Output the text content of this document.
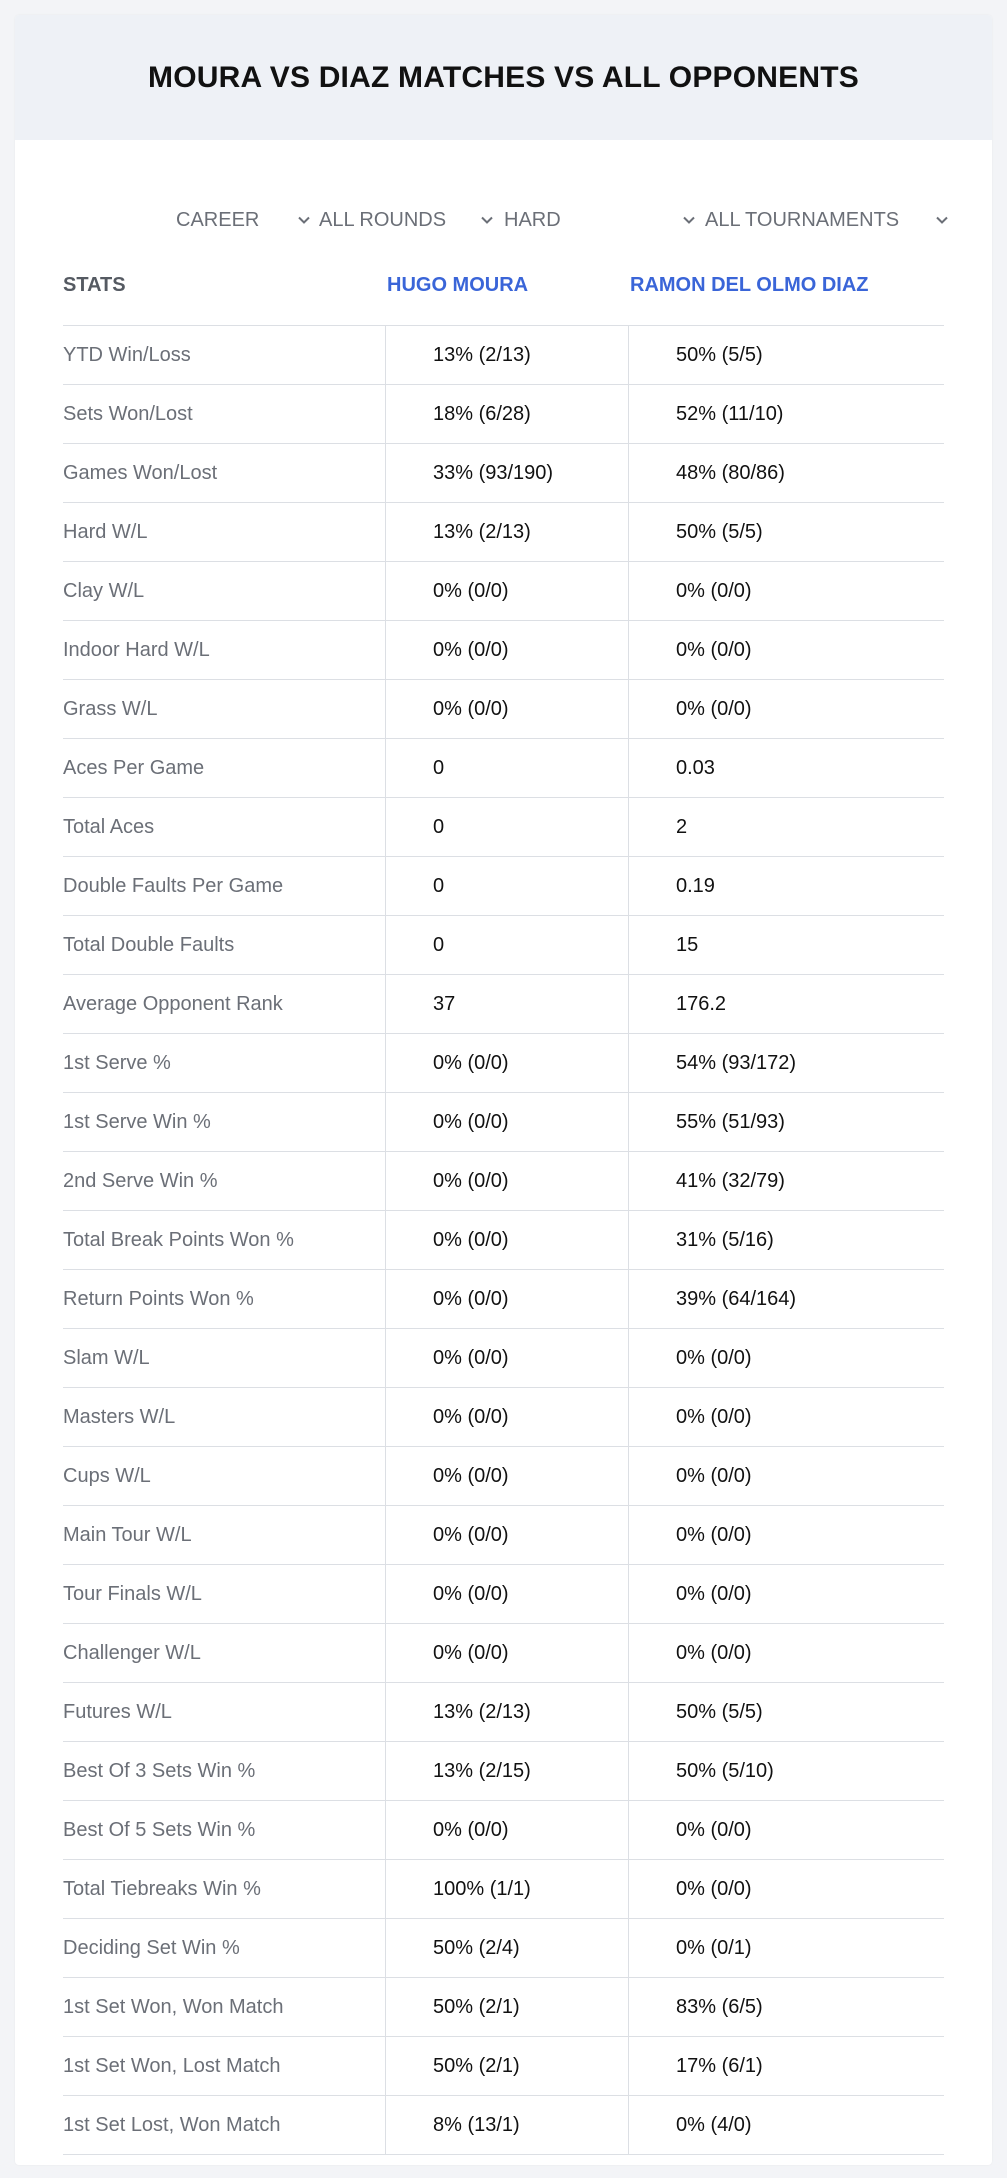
MOURA VS DIAZ MATCHES VS ALL OPPONENTS
CAREER	ALL ROUNDS	HARD	ALL TOURNAMENTS
STATS	HUGO MOURA	RAMON DEL OLMO DIAZ
YTD Win/Loss	13% (2/13)	50% (5/5)
Sets Won/Lost	18% (6/28)	52% (11/10)
Games Won/Lost	33% (93/190)	48% (80/86)
Hard W/L	13% (2/13)	50% (5/5)
Clay W/L	0% (0/0)	0% (0/0)
Indoor Hard W/L	0% (0/0)	0% (0/0)
Grass W/L	0% (0/0)	0% (0/0)
Aces Per Game	0	0.03
Total Aces	0	2
Double Faults Per Game	0	0.19
Total Double Faults	0	15
Average Opponent Rank	37	176.2
1st Serve %	0% (0/0)	54% (93/172)
1st Serve Win %	0% (0/0)	55% (51/93)
2nd Serve Win %	0% (0/0)	41% (32/79)
Total Break Points Won %	0% (0/0)	31% (5/16)
Return Points Won %	0% (0/0)	39% (64/164)
Slam W/L	0% (0/0)	0% (0/0)
Masters W/L	0% (0/0)	0% (0/0)
Cups W/L	0% (0/0)	0% (0/0)
Main Tour W/L	0% (0/0)	0% (0/0)
Tour Finals W/L	0% (0/0)	0% (0/0)
Challenger W/L	0% (0/0)	0% (0/0)
Futures W/L	13% (2/13)	50% (5/5)
Best Of 3 Sets Win %	13% (2/15)	50% (5/10)
Best Of 5 Sets Win %	0% (0/0)	0% (0/0)
Total Tiebreaks Win %	100% (1/1)	0% (0/0)
Deciding Set Win %	50% (2/4)	0% (0/1)
1st Set Won, Won Match	50% (2/1)	83% (6/5)
1st Set Won, Lost Match	50% (2/1)	17% (6/1)
1st Set Lost, Won Match	8% (13/1)	0% (4/0)
